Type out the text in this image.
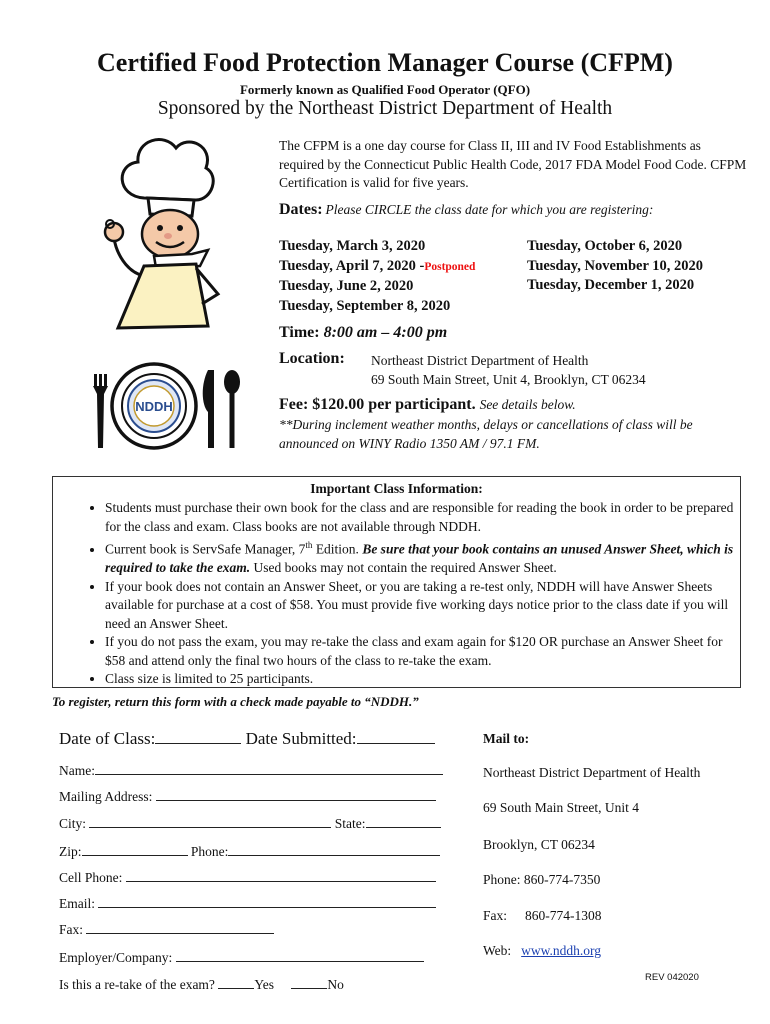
Certified Food Protection Manager Course (CFPM)
Formerly known as Qualified Food Operator (QFO)
Sponsored by the Northeast District Department of Health
NDDH
The CFPM is a one day course for Class II, III and IV Food Establishments as required by the Connecticut Public Health Code, 2017 FDA Model Food Code. CFPM Certification is valid for five years.
Dates: Please CIRCLE the class date for which you are registering:
Tuesday, March 3, 2020
Tuesday, April 7, 2020 -Postponed
Tuesday, June 2, 2020
Tuesday, September 8, 2020
Tuesday, October 6, 2020
Tuesday, November 10, 2020
Tuesday, December 1, 2020
Time: 8:00 am – 4:00 pm
Location: Northeast District Department of Health
69 South Main Street, Unit 4, Brooklyn, CT 06234
Fee: $120.00 per participant. See details below.
**During inclement weather months, delays or cancellations of class will be announced on WINY Radio 1350 AM / 97.1 FM.
Important Class Information:
• Students must purchase their own book for the class and are responsible for reading the book in order to be prepared for the class and exam. Class books are not available through NDDH.
• Current book is ServSafe Manager, 7th Edition. Be sure that your book contains an unused Answer Sheet, which is required to take the exam. Used books may not contain the required Answer Sheet.
• If your book does not contain an Answer Sheet, or you are taking a re-test only, NDDH will have Answer Sheets available for purchase at a cost of $58. You must provide five working days notice prior to the class date if you will need an Answer Sheet.
• If you do not pass the exam, you may re-take the class and exam again for $120 OR purchase an Answer Sheet for $58 and attend only the final two hours of the class to re-take the exam.
• Class size is limited to 25 participants.
To register, return this form with a check made payable to “NDDH.”
Date of Class:	Date Submitted:
Name:
Mailing Address:
City:	State:
Zip:	Phone:
Cell Phone:
Email:
Fax:
Employer/Company:
Is this a re-take of the exam?	Yes	No
Mail to:
Northeast District Department of Health
69 South Main Street, Unit 4
Brooklyn, CT 06234
Phone: 860-774-7350
Fax: 860-774-1308
Web: www.nddh.org
REV 042020
